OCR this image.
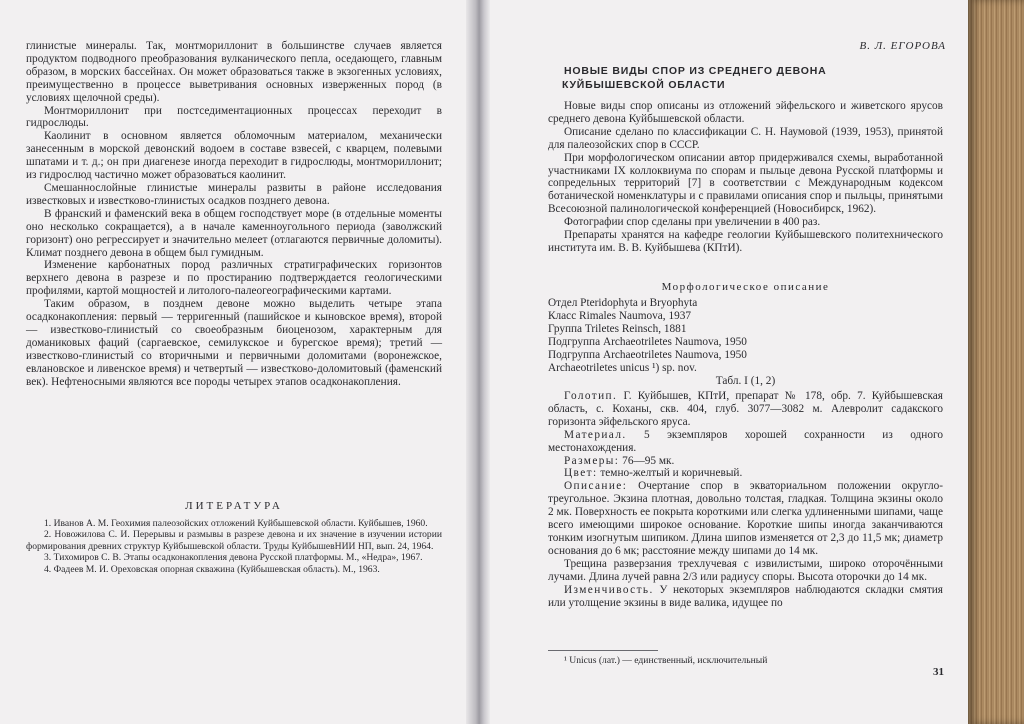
глинистые минералы. Так, монтмориллонит в большинстве случаев является продуктом подводного преобразования вулканического пепла, оседающего, главным образом, в морских бассейнах. Он может образоваться также в экзогенных условиях, преимущественно в процессе выветривания основных изверженных пород (в условиях щелочной среды).

Монтмориллонит при постседиментационных процессах переходит в гидрослюды.

Каолинит в основном является обломочным материалом, механически занесенным в морской девонский водоем в составе взвесей, с кварцем, полевыми шпатами и т. д.; он при диагенезе иногда переходит в гидрослюды, монтмориллонит; из гидрослюд частично может образоваться каолинит.

Смешаннослойные глинистые минералы развиты в районе исследования известковых и известково-глинистых осадков позднего девона.

В франский и фаменский века в общем господствует море (в отдельные моменты оно несколько сокращается), а в начале каменноугольного периода (заволжский горизонт) оно регрессирует и значительно мелеет (отлагаются первичные доломиты). Климат позднего девона в общем был гумидным.

Изменение карбонатных пород различных стратиграфических горизонтов верхнего девона в разрезе и по простиранию подтверждается геологическими профилями, картой мощностей и литолого-палеогеографическими картами.

Таким образом, в позднем девоне можно выделить четыре этапа осадконакопления: первый — терригенный (пашийское и кыновское время), второй — известково-глинистый со своеобразным биоценозом, характерным для доманиковых фаций (саргаевское, семилукское и бурегское время); третий — известково-глинистый со вторичными и первичными доломитами (воронежское, евлановское и ливенское время) и четвертый — известково-доломитовый (фаменский век). Нефтеносными являются все породы четырех этапов осадконакопления.

ЛИТЕРАТУРА

1. Иванов А. М. Геохимия палеозойских отложений Куйбышевской области. Куйбышев, 1960.

2. Новожилова С. И. Перерывы и размывы в разрезе девона и их значение в изучении истории формирования древних структур Куйбышевской области. Труды КуйбышевНИИ НП, вып. 24, 1964.

3. Тихомиров С. В. Этапы осадконакопления девона Русской платформы. М., «Недра», 1967.

4. Фадеев М. И. Ореховская опорная скважина (Куйбышевская область). М., 1963.

В. Л. ЕГОРОВА
НОВЫЕ ВИДЫ СПОР ИЗ СРЕДНЕГО ДЕВОНА
КУЙБЫШЕВСКОЙ ОБЛАСТИ

Новые виды спор описаны из отложений эйфельского и живетского ярусов среднего девона Куйбышевской области.

Описание сделано по классификации С. Н. Наумовой (1939, 1953), принятой для палеозойских спор в СССР.

При морфологическом описании автор придерживался схемы, выработанной участниками IX коллоквиума по спорам и пыльце девона Русской платформы и сопредельных территорий [7] в соответствии с Международным кодексом ботанической номенклатуры и с правилами описания спор и пыльцы, принятыми Всесоюзной палинологической конференцией (Новосибирск, 1962).

Фотографии спор сделаны при увеличении в 400 раз.

Препараты хранятся на кафедре геологии Куйбышевского политехнического института им. В. В. Куйбышева (КПтИ).

Морфологическое описание
Отдел Pteridophyta и Bryophyta
Класс Rimales Naumova, 1937
Группа Triletes Reinsch, 1881
Подгруппа Archaeotriletes Naumova, 1950
Подгруппа Archaeotriletes Naumova, 1950
Archaeotriletes unicus ¹) sp. nov.
Табл. I (1, 2)

Голотип. Г. Куйбышев, КПтИ, препарат № 178, обр. 7. Куйбышевская область, с. Коханы, скв. 404, глуб. 3077—3082 м. Алевролит садакского горизонта эйфельского яруса.

Материал. 5 экземпляров хорошей сохранности из одного местонахождения.

Размеры: 76—95 мк.

Цвет: темно-желтый и коричневый.

Описание: Очертание спор в экваториальном положении округло-треугольное. Экзина плотная, довольно толстая, гладкая. Толщина экзины около 2 мк. Поверхность ее покрыта короткими или слегка удлиненными шипами, чаще всего имеющими широкое основание. Короткие шипы иногда заканчиваются тонким изогнутым шипиком. Длина шипов изменяется от 2,3 до 11,5 мк; диаметр основания до 6 мк; расстояние между шипами до 14 мк.

Трещина разверзания трехлучевая с извилистыми, широко оторочёнными лучами. Длина лучей равна 2/3 или радиусу споры. Высота оторочки до 14 мк.

Изменчивость. У некоторых экземпляров наблюдаются складки смятия или утолщение экзины в виде валика, идущее по

¹ Unicus (лат.) — единственный, исключительный
31
